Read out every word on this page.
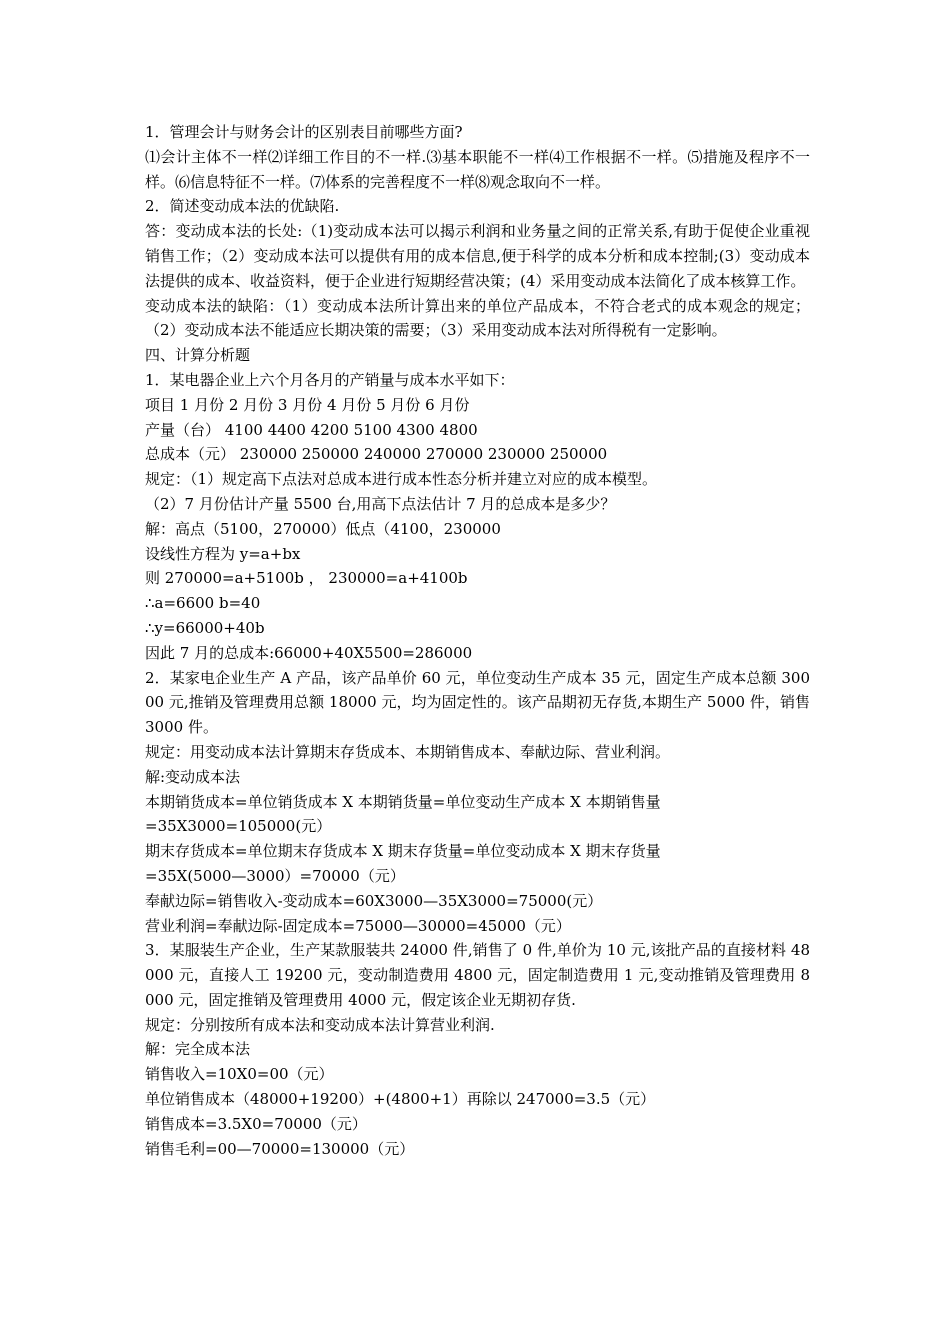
1．管理会计与财务会计的区别表目前哪些方面?

⑴会计主体不一样⑵详细工作目的不一样.⑶基本职能不一样⑷工作根据不一样。⑸措施及程序不一样。⑹信息特征不一样。⑺体系的完善程度不一样⑻观念取向不一样。

2．简述变动成本法的优缺陷.

答：变动成本法的长处:（1)变动成本法可以揭示利润和业务量之间的正常关系,有助于促使企业重视销售工作；（2）变动成本法可以提供有用的成本信息,便于科学的成本分析和成本控制;(3）变动成本法提供的成本、收益资料，便于企业进行短期经营决策；(4）采用变动成本法简化了成本核算工作。

变动成本法的缺陷：（1）变动成本法所计算出来的单位产品成本，不符合老式的成本观念的规定；（2）变动成本法不能适应长期决策的需要；（3）采用变动成本法对所得税有一定影响。

四、计算分析题

1．某电器企业上六个月各月的产销量与成本水平如下：

项目 1 月份 2 月份 3 月份 4 月份 5 月份 6 月份

产量（台） 4100 4400 4200 5100 4300 4800

总成本（元） 230000 250000 240000 270000 230000 250000

规定：（1）规定高下点法对总成本进行成本性态分析并建立对应的成本模型。

（2）7 月份估计产量 5500 台,用高下点法估计 7 月的总成本是多少？

解：高点（5100，270000）低点（4100，230000

设线性方程为 y=a+bx

则 270000=a+5100b ， 230000=a+4100b

∴a=6600 b=40

∴y=66000+40b

因此 7 月的总成本:66000+40X5500=286000

2．某家电企业生产 A 产品，该产品单价 60 元，单位变动生产成本 35 元，固定生产成本总额 30000 元,推销及管理费用总额 18000 元，均为固定性的。该产品期初无存货,本期生产 5000 件，销售 3000 件。

规定：用变动成本法计算期末存货成本、本期销售成本、奉献边际、营业利润。

解:变动成本法

本期销货成本=单位销货成本 X 本期销货量=单位变动生产成本 X 本期销售量

=35X3000=105000(元）

期末存货成本=单位期末存货成本 X 期末存货量=单位变动成本 X 期末存货量

=35X(5000—3000）=70000（元）

奉献边际=销售收入-变动成本=60X3000—35X3000=75000(元）

营业利润=奉献边际-固定成本=75000—30000=45000（元）

3．某服装生产企业，生产某款服装共 24000 件,销售了 0 件,单价为 10 元,该批产品的直接材料 48000 元，直接人工 19200 元，变动制造费用 4800 元，固定制造费用 1 元,变动推销及管理费用 8000 元，固定推销及管理费用 4000 元，假定该企业无期初存货.

规定：分别按所有成本法和变动成本法计算营业利润.

解：完全成本法

销售收入=10X0=00（元）

单位销售成本（48000+19200）+(4800+1）再除以 247000=3.5（元）

销售成本=3.5X0=70000（元）

销售毛利=00—70000=130000（元）
